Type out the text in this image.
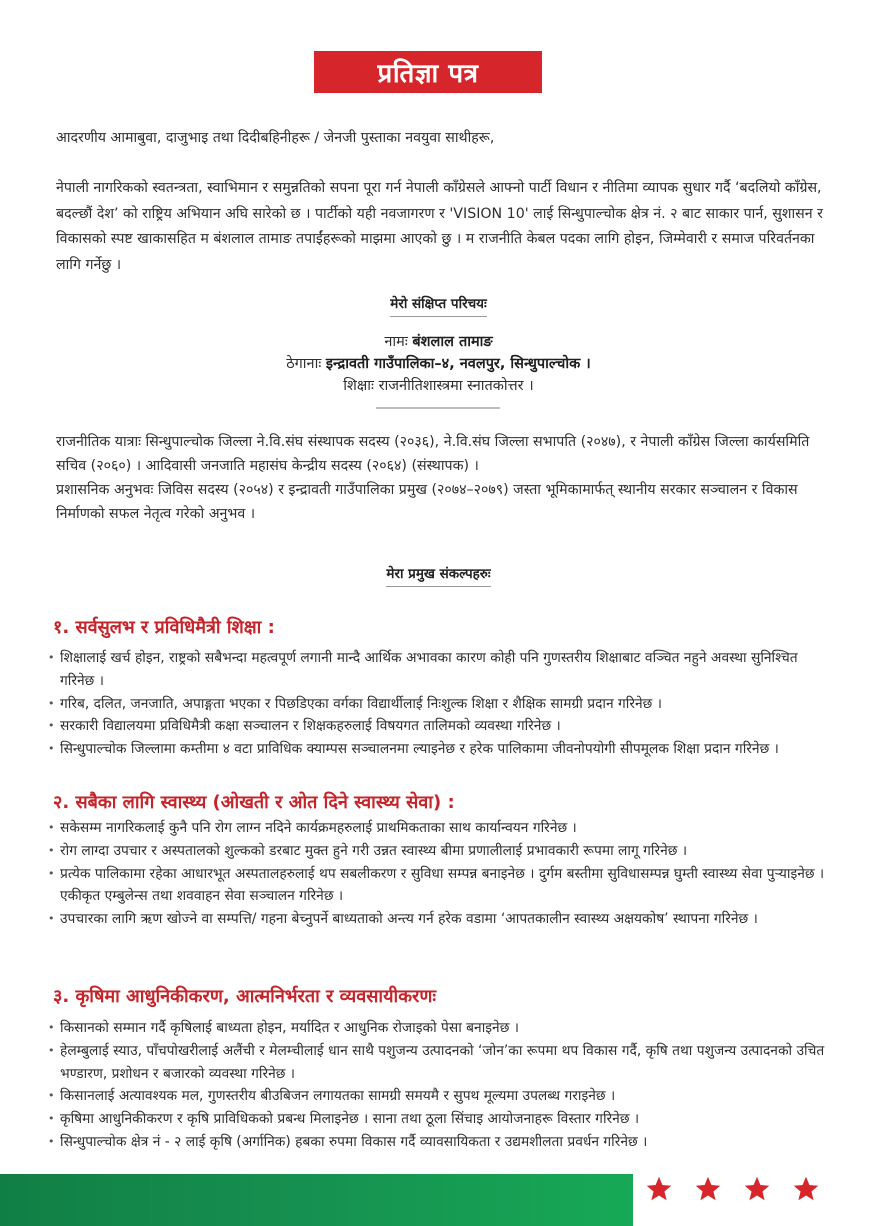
प्रतिज्ञा पत्र
आदरणीय आमाबुवा, दाजुभाइ तथा दिदीबहिनीहरू / जेनजी पुस्ताका नवयुवा साथीहरू,
नेपाली नागरिकको स्वतन्त्रता, स्वाभिमान र समुन्नतिको सपना पूरा गर्न नेपाली काँग्रेसले आफ्नो पार्टी विधान र नीतिमा व्यापक सुधार गर्दै ‘बदलियो काँग्रेस, बदल्छौं देश’ को राष्ट्रिय अभियान अघि सारेको छ । पार्टीको यही नवजागरण र 'VISION 10' लाई सिन्धुपाल्चोक क्षेत्र नं. २ बाट साकार पार्न, सुशासन र विकासको स्पष्ट खाकासहित म बंशलाल तामाङ तपाईंहरूको माझमा आएको छु । म राजनीति केबल पदका लागि होइन, जिम्मेवारी र समाज परिवर्तनका लागि गर्नेछु ।
मेरो संक्षिप्त परिचयः
नामः बंशलाल तामाङ
ठेगानाः इन्द्रावती गाउँपालिका–४, नवलपुर, सिन्धुपाल्चोक ।
शिक्षाः राजनीतिशास्त्रमा स्नातकोत्तर ।
राजनीतिक यात्राः सिन्धुपाल्चोक जिल्ला ने.वि.संघ संस्थापक सदस्य (२०३६), ने.वि.संघ जिल्ला सभापति (२०४७), र नेपाली काँग्रेस जिल्ला कार्यसमिति सचिव (२०६०) । आदिवासी जनजाति महासंघ केन्द्रीय सदस्य (२०६४) (संस्थापक) ।
प्रशासनिक अनुभवः जिविस सदस्य (२०५४) र इन्द्रावती गाउँपालिका प्रमुख (२०७४–२०७९) जस्ता भूमिकामार्फत् स्थानीय सरकार सञ्चालन र विकास निर्माणको सफल नेतृत्व गरेको अनुभव ।
मेरा प्रमुख संकल्पहरुः
१. सर्वसुलभ र प्रविधिमैत्री शिक्षा :
• शिक्षालाई खर्च होइन, राष्ट्रको सबैभन्दा महत्वपूर्ण लगानी मान्दै आर्थिक अभावका कारण कोही पनि गुणस्तरीय शिक्षाबाट वञ्चित नहुने अवस्था सुनिश्चित गरिनेछ ।
• गरिब, दलित, जनजाति, अपाङ्गता भएका र पिछडिएका वर्गका विद्यार्थीलाई निःशुल्क शिक्षा र शैक्षिक सामग्री प्रदान गरिनेछ ।
• सरकारी विद्यालयमा प्रविधिमैत्री कक्षा सञ्चालन र शिक्षकहरुलाई विषयगत तालिमको व्यवस्था गरिनेछ ।
• सिन्धुपाल्चोक जिल्लामा कम्तीमा ४ वटा प्राविधिक क्याम्पस सञ्चालनमा ल्याइनेछ र हरेक पालिकामा जीवनोपयोगी सीपमूलक शिक्षा प्रदान गरिनेछ ।
२. सबैका लागि स्वास्थ्य (ओखती र ओत दिने स्वास्थ्य सेवा) :
• सकेसम्म नागरिकलाई कुनै पनि रोग लाग्न नदिने कार्यक्रमहरुलाई प्राथमिकताका साथ कार्यान्वयन गरिनेछ ।
• रोग लाग्दा उपचार र अस्पतालको शुल्कको डरबाट मुक्त हुने गरी उन्नत स्वास्थ्य बीमा प्रणालीलाई प्रभावकारी रूपमा लागू गरिनेछ ।
• प्रत्येक पालिकामा रहेका आधारभूत अस्पतालहरुलाई थप सबलीकरण र सुविधा सम्पन्न बनाइनेछ । दुर्गम बस्तीमा सुविधासम्पन्न घुम्ती स्वास्थ्य सेवा पुर्‍याइनेछ । एकीकृत एम्बुलेन्स तथा शववाहन सेवा सञ्चालन गरिनेछ ।
• उपचारका लागि ऋण खोज्ने वा सम्पत्ति/ गहना बेच्नुपर्ने बाध्यताको अन्त्य गर्न हरेक वडामा ‘आपतकालीन स्वास्थ्य अक्षयकोष’ स्थापना गरिनेछ ।
३. कृषिमा आधुनिकीकरण, आत्मनिर्भरता र व्यवसायीकरणः
• किसानको सम्मान गर्दै कृषिलाई बाध्यता होइन, मर्यादित र आधुनिक रोजाइको पेसा बनाइनेछ ।
• हेलम्बुलाई स्याउ, पाँचपोखरीलाई अलैंची र मेलम्चीलाई धान साथै पशुजन्य उत्पादनको ‘जोन’का रूपमा थप विकास गर्दै, कृषि तथा पशुजन्य उत्पादनको उचित भण्डारण, प्रशोधन र बजारको व्यवस्था गरिनेछ ।
• किसानलाई अत्यावश्यक मल, गुणस्तरीय बीउबिजन लगायतका सामग्री समयमै र सुपथ मूल्यमा उपलब्ध गराइनेछ ।
• कृषिमा आधुनिकीकरण र कृषि प्राविधिकको प्रबन्ध मिलाइनेछ । साना तथा ठूला सिंचाइ आयोजनाहरू विस्तार गरिनेछ ।
• सिन्धुपाल्चोक क्षेत्र नं - २ लाई कृषि (अर्गानिक) हबका रुपमा विकास गर्दै व्यावसायिकता र उद्यमशीलता प्रवर्धन गरिनेछ ।
